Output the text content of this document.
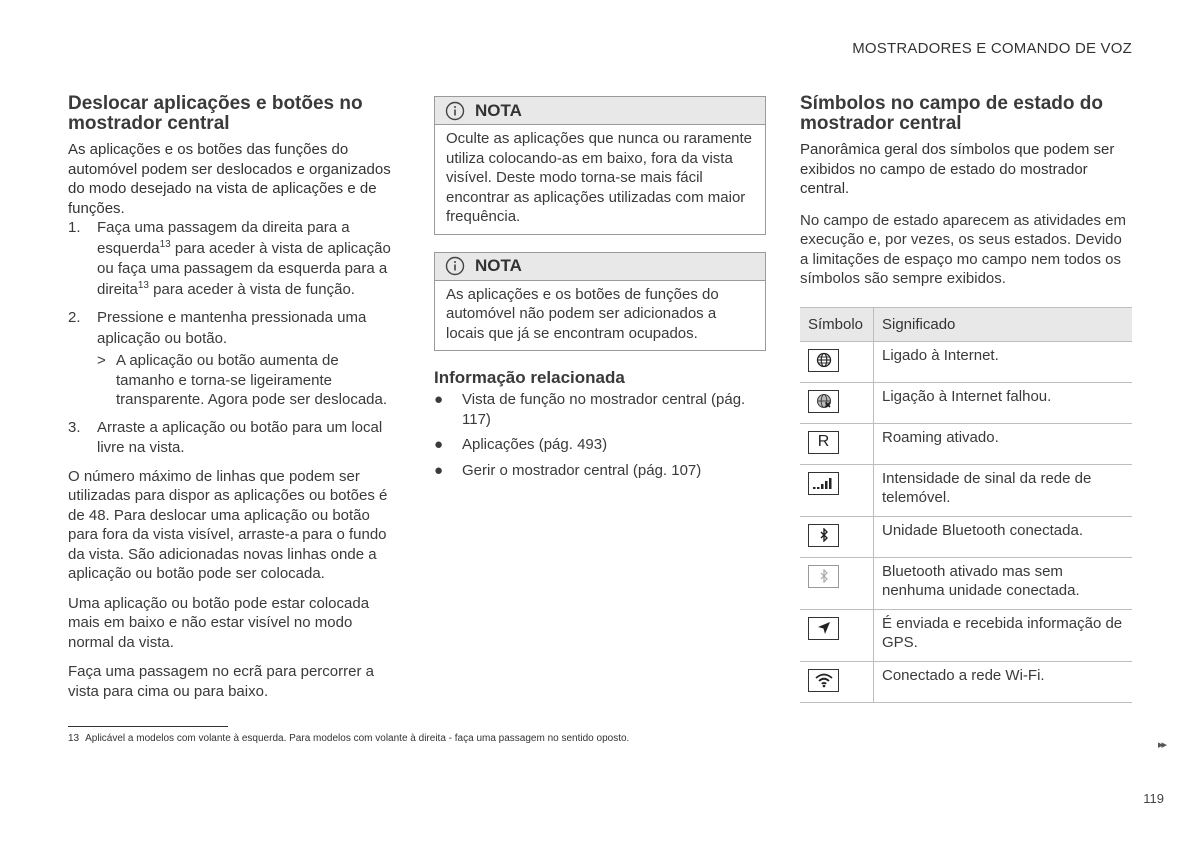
MOSTRADORES E COMANDO DE VOZ
Deslocar aplicações e botões no mostrador central

As aplicações e os botões das funções do automóvel podem ser deslocados e organizados do modo desejado na vista de aplicações e de funções.

1. Faça uma passagem da direita para a esquerda$^{13}$ para aceder à vista de aplicação ou faça uma passagem da esquerda para a direita$^{13}$ para aceder à vista de função.
2. Pressione e mantenha pressionada uma aplicação ou botão.
> A aplicação ou botão aumenta de tamanho e torna-se ligeiramente transparente. Agora pode ser deslocada.
3. Arraste a aplicação ou botão para um local livre na vista.

O número máximo de linhas que podem ser utilizadas para dispor as aplicações ou botões é de 48. Para deslocar uma aplicação ou botão para fora da vista visível, arraste-a para o fundo da vista. São adicionadas novas linhas onde a aplicação ou botão pode ser colocada.

Uma aplicação ou botão pode estar colocada mais em baixo e não estar visível no modo normal da vista.

Faça uma passagem no ecrã para percorrer a vista para cima ou para baixo.

NOTA
Oculte as aplicações que nunca ou raramente utiliza colocando-as em baixo, fora da vista visível. Deste modo torna-se mais fácil encontrar as aplicações utilizadas com maior frequência.
NOTA
As aplicações e os botões de funções do automóvel não podem ser adicionados a locais que já se encontram ocupados.
Informação relacionada
● Vista de função no mostrador central (pág. 117)
● Aplicações (pág. 493)
● Gerir o mostrador central (pág. 107)
Símbolos no campo de estado do mostrador central

Panorâmica geral dos símbolos que podem ser exibidos no campo de estado do mostrador central.

No campo de estado aparecem as atividades em execução e, por vezes, os seus estados. Devido a limitações de espaço mo campo nem todos os símbolos são sempre exibidos.

Símbolo	Significado

	Ligado à Internet.

	Ligação à Internet falhou.

R	Roaming ativado.

	Intensidade de sinal da rede de telemóvel.

	Unidade Bluetooth conectada.

	Bluetooth ativado mas sem nenhuma unidade conectada.

	É enviada e recebida informação de GPS.

	Conectado a rede Wi-Fi.
13 Aplicável a modelos com volante à esquerda. Para modelos com volante à direita - faça uma passagem no sentido oposto.
▸▸
119
